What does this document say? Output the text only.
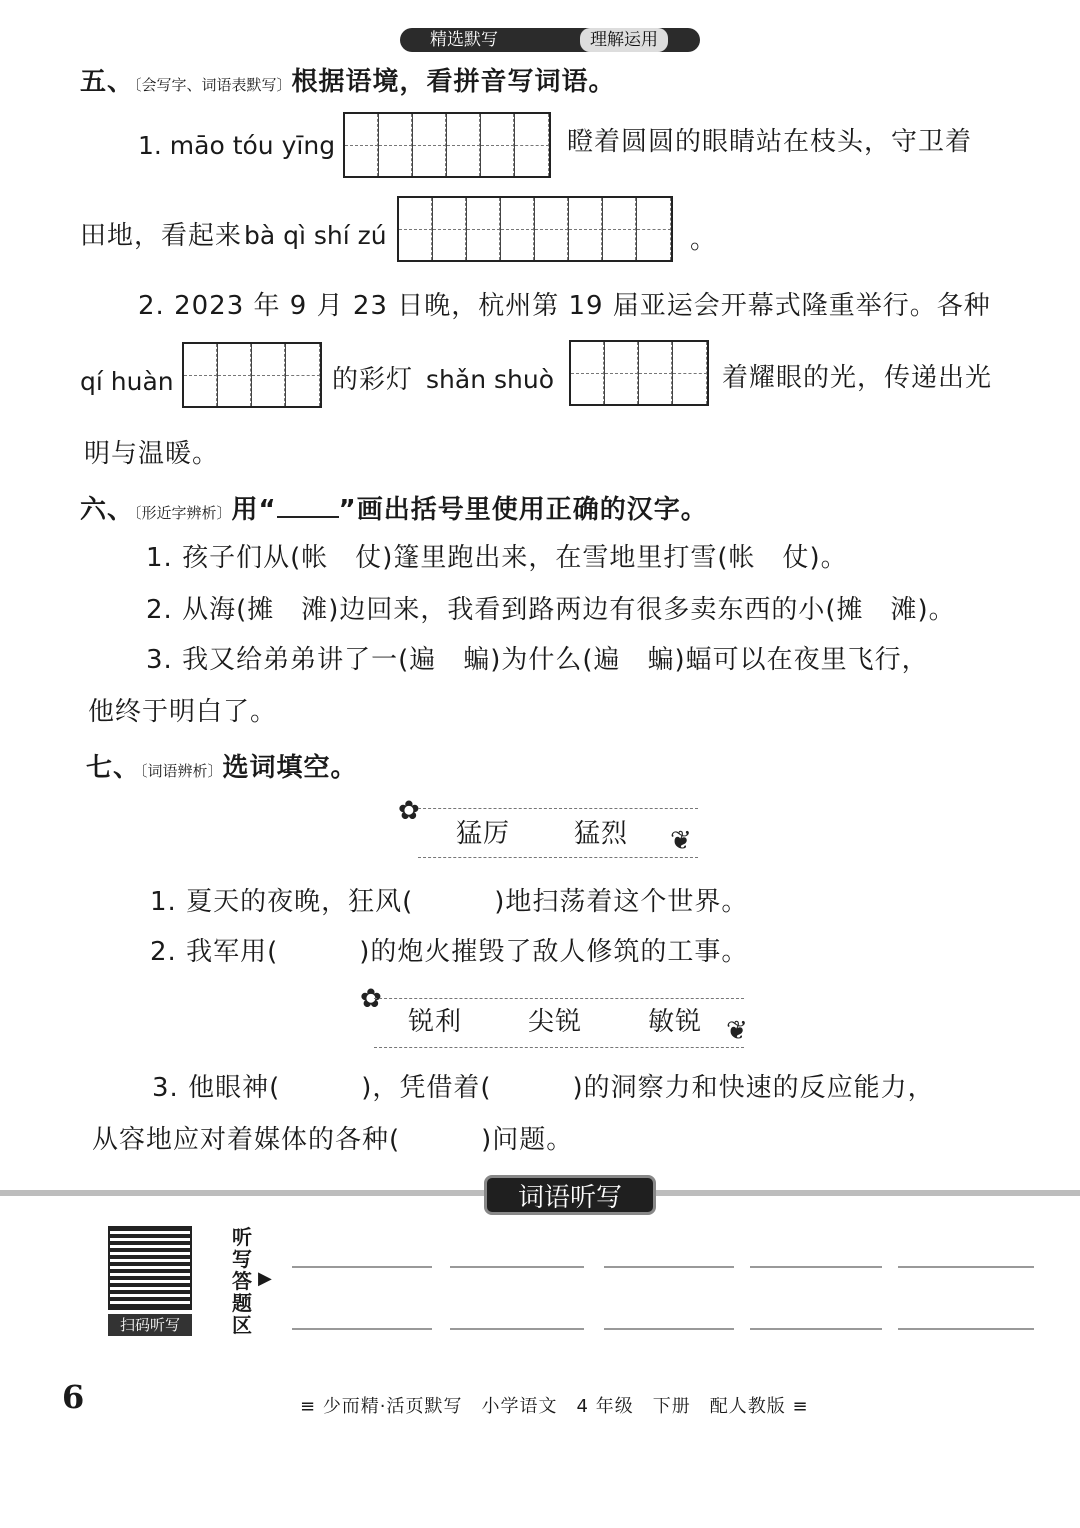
精选默写	理解运用
五、〔会写字、词语表默写〕根据语境，看拼音写词语。
1. māo tóu yīng	瞪着圆圆的眼睛站在枝头，守卫着
田地，看起来 bà qì shí zú	。
2. 2023 年 9 月 23 日晚，杭州第 19 届亚运会开幕式隆重举行。各种
qí huàn	的彩灯 shǎn shuò	着耀眼的光，传递出光
明与温暖。
六、〔形近字辨析〕用“ ”画出括号里使用正确的汉字。
1. 孩子们从(帐　仗)篷里跑出来，在雪地里打雪(帐　仗)。
2. 从海(摊　滩)边回来，我看到路两边有很多卖东西的小(摊　滩)。
3. 我又给弟弟讲了一(遍　蝙)为什么(遍　蝙)蝠可以在夜里飞行，
他终于明白了。
七、〔词语辨析〕选词填空。
✿
猛厉 猛烈 ❦
1. 夏天的夜晚，狂风(　　　)地扫荡着这个世界。
2. 我军用(　　　)的炮火摧毁了敌人修筑的工事。
✿
锐利	尖锐	敏锐 ❦
3. 他眼神(　　　)，凭借着(　　　)的洞察力和快速的反应能力，
从容地应对着媒体的各种(　　　)问题。
词语听写
扫码听写
听写答题区
▶
6	≡ 少而精·活页默写　小学语文　4 年级　下册　配人教版 ≡
